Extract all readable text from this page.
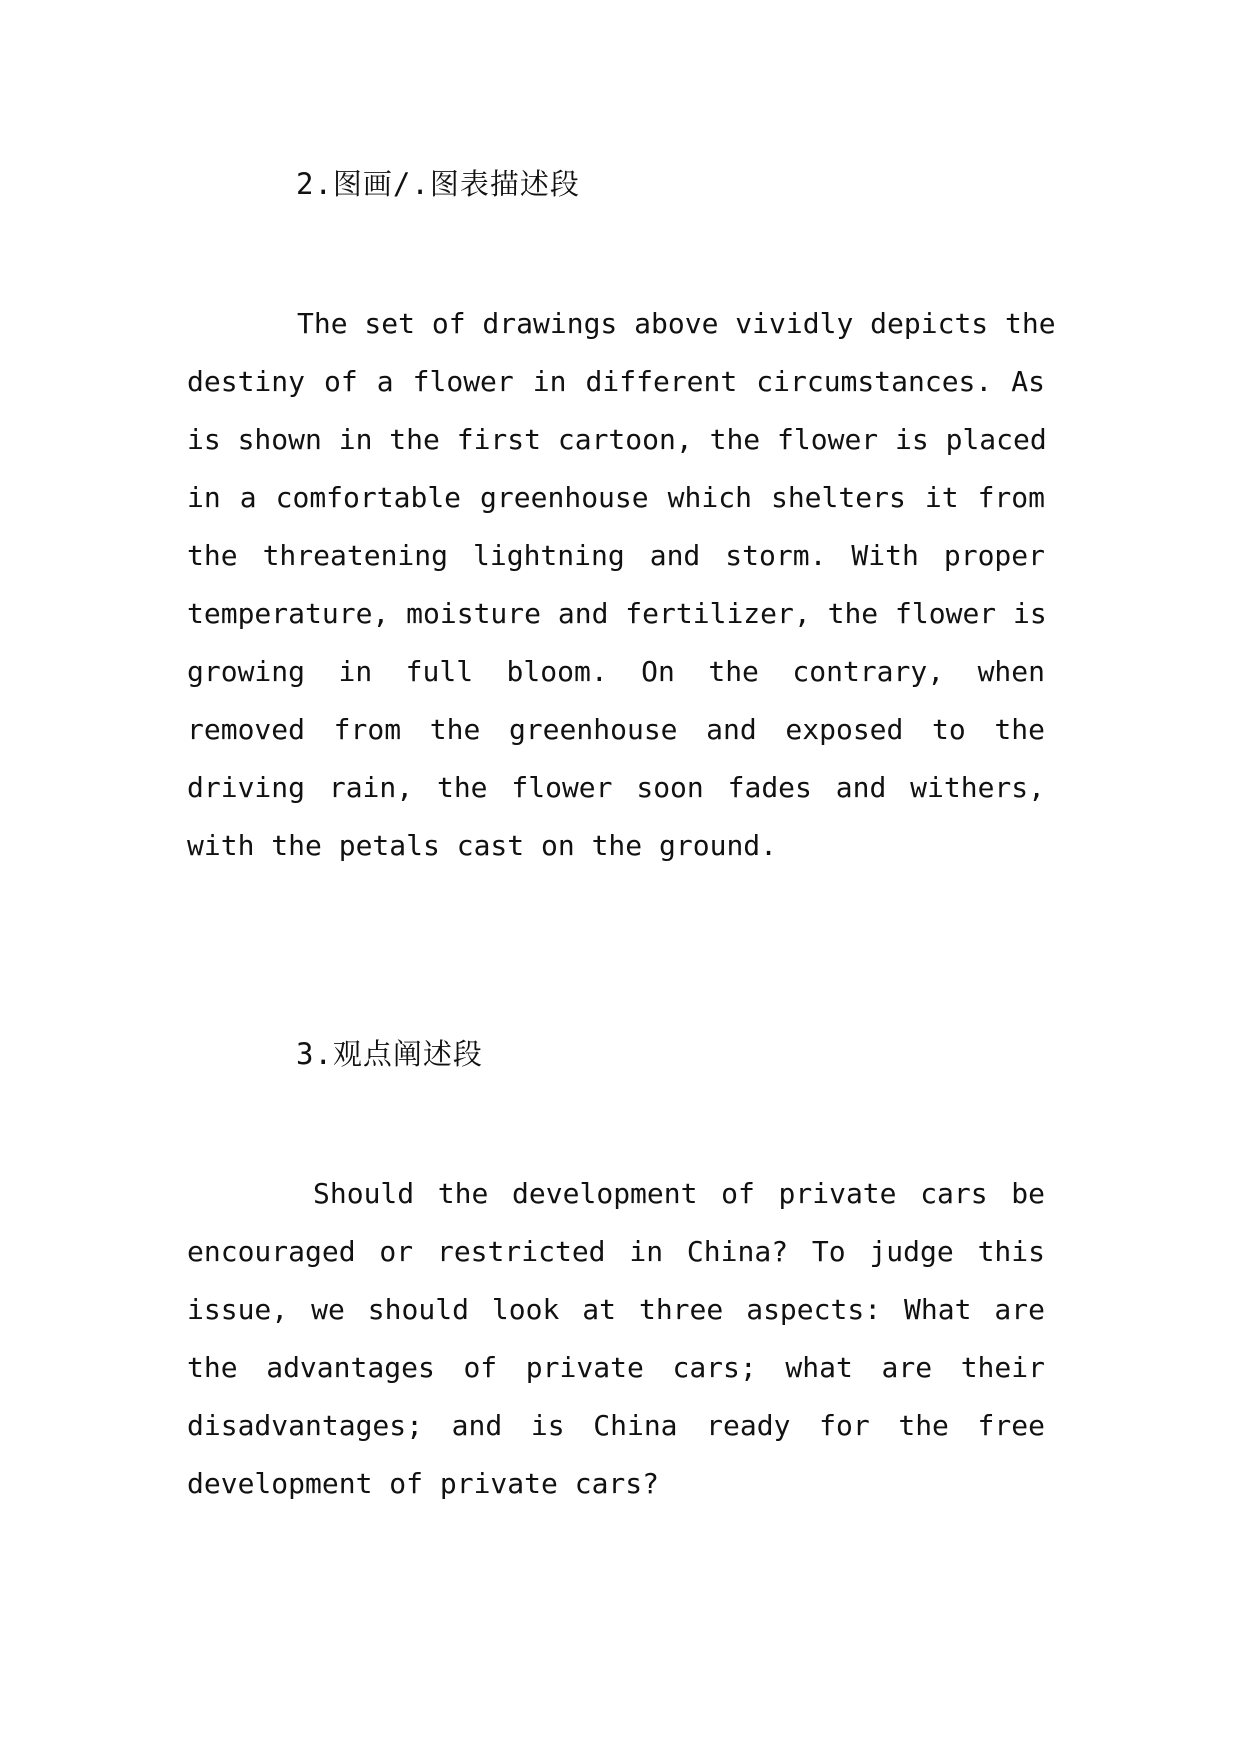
2.图画/.图表描述段
The set of drawings above vividly depicts the
destiny of a flower in different circumstances. As
is shown in the first cartoon, the flower is placed
in a comfortable greenhouse which shelters it from
the threatening lightning and storm. With proper
temperature, moisture and fertilizer, the flower is
growing in full bloom. On the contrary, when
removed from the greenhouse and exposed to the
driving rain, the flower soon fades and withers,
with the petals cast on the ground.
3.观点阐述段
Should the development of private cars be
encouraged or restricted in China? To judge this
issue, we should look at three aspects: What are
the advantages of private cars; what are their
disadvantages; and is China ready for the free
development of private cars?
